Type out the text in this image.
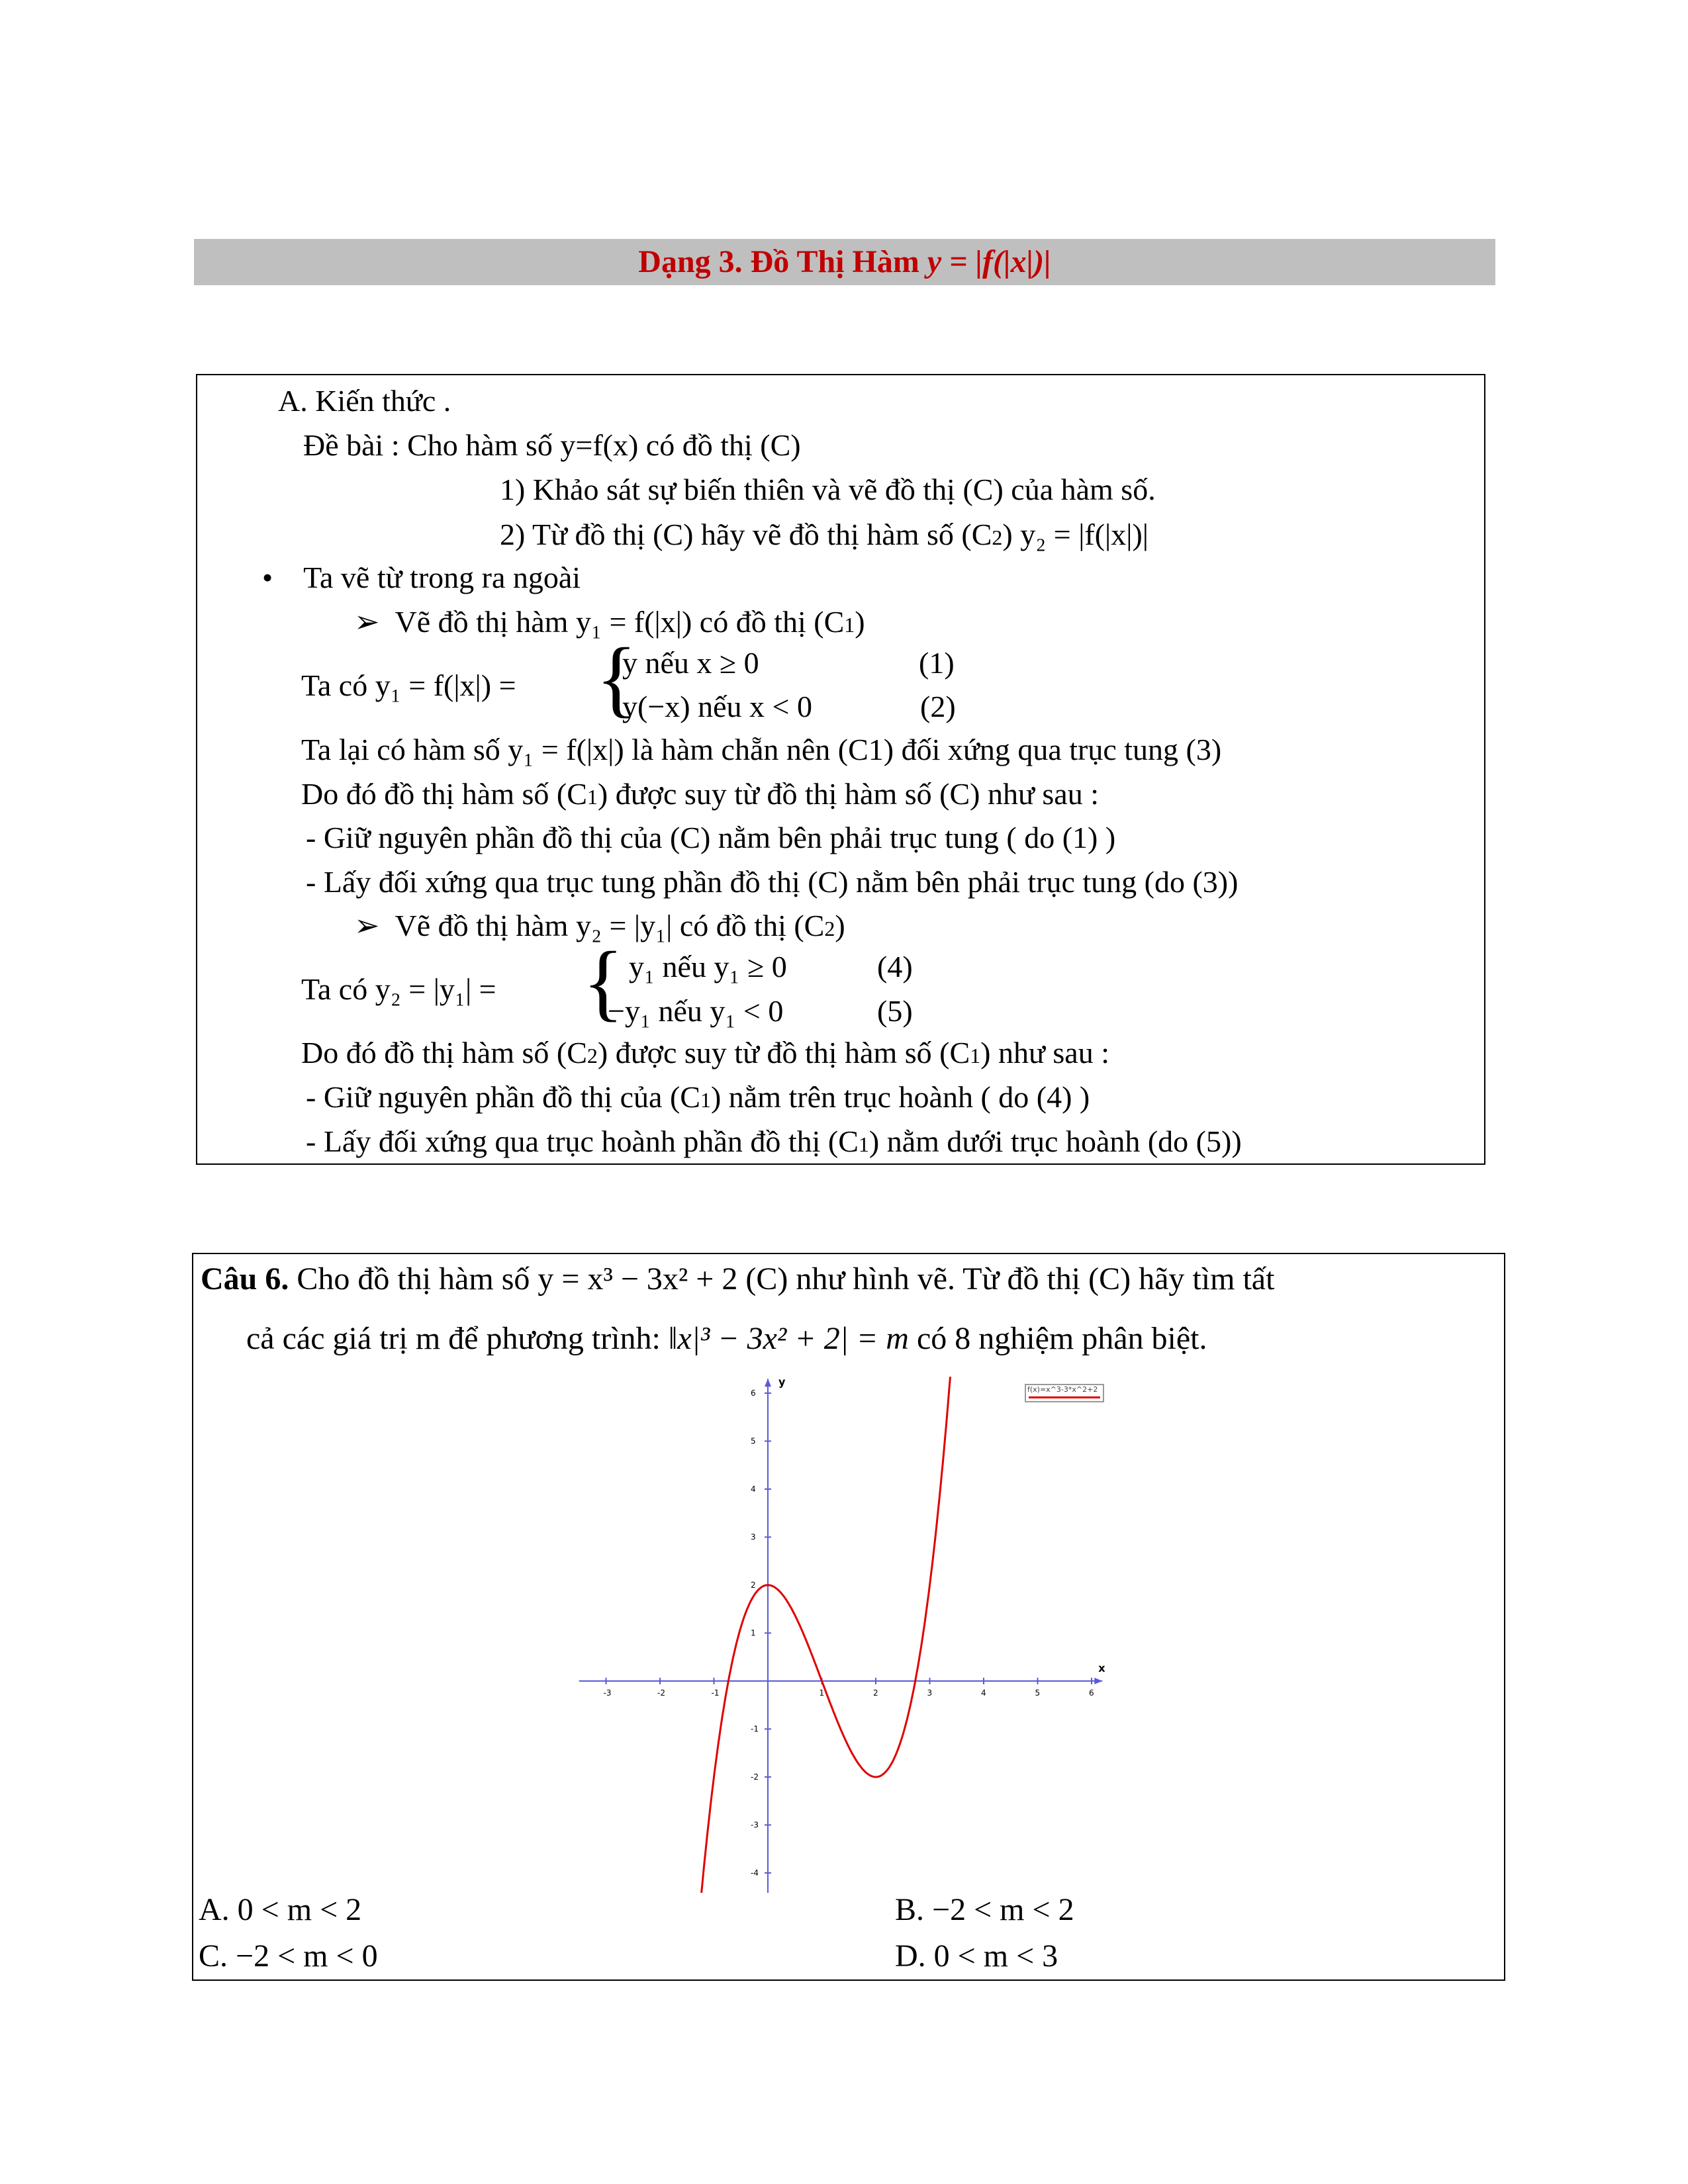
Dạng 3. Đồ Thị Hàm y = |f(|x|)|
A. Kiến thức .
Đề bài : Cho hàm số y=f(x) có đồ thị (C)
1) Khảo sát sự biến thiên và vẽ đồ thị (C) của hàm số.
2) Từ đồ thị (C) hãy vẽ đồ thị hàm số (C2) y₂ = |f(|x|)|
•    Ta vẽ từ trong ra ngoài
➢  Vẽ đồ thị hàm y₁ = f(|x|) có đồ thị (C1)
Ta có y₁ = f(|x|) = {
y nếu x ≥ 0	(1)
y(−x) nếu x < 0	(2)
Ta lại có hàm số y₁ = f(|x|) là hàm chẵn nên (C1) đối xứng qua trục tung (3)
Do đó đồ thị hàm số (C1) được suy từ đồ thị hàm số (C) như sau :
- Giữ nguyên phần đồ thị của (C) nằm bên phải trục tung ( do (1) )
- Lấy đối xứng qua trục tung phần đồ thị (C) nằm bên phải trục tung (do (3))
➢  Vẽ đồ thị hàm y₂ = |y₁| có đồ thị (C2)
Ta có y₂ = |y₁| = { y₁ nếu y₁ ≥ 0	(4)
−y₁ nếu y₁ < 0	(5)
Do đó đồ thị hàm số (C2) được suy từ đồ thị hàm số (C1) như sau :
- Giữ nguyên phần đồ thị của (C1) nằm trên trục hoành ( do (4) )
- Lấy đối xứng qua trục hoành phần đồ thị (C1) nằm dưới trục hoành (do (5))
Câu 6. Cho đồ thị hàm số y = x³ − 3x² + 2 (C) như hình vẽ. Từ đồ thị (C) hãy tìm tất
cả các giá trị m để phương trình: ‖x|³ − 3x² + 2| = m có 8 nghiệm phân biệt.
x
y
-3	-2	-1	1	2	3	4	5	6
-4
-3
-2
-1
1
2
3
4
5
6	f(x)=x^3-3*x^2+2
A. 0 < m < 2	B. −2 < m < 2
C. −2 < m < 0	D. 0 < m < 3
